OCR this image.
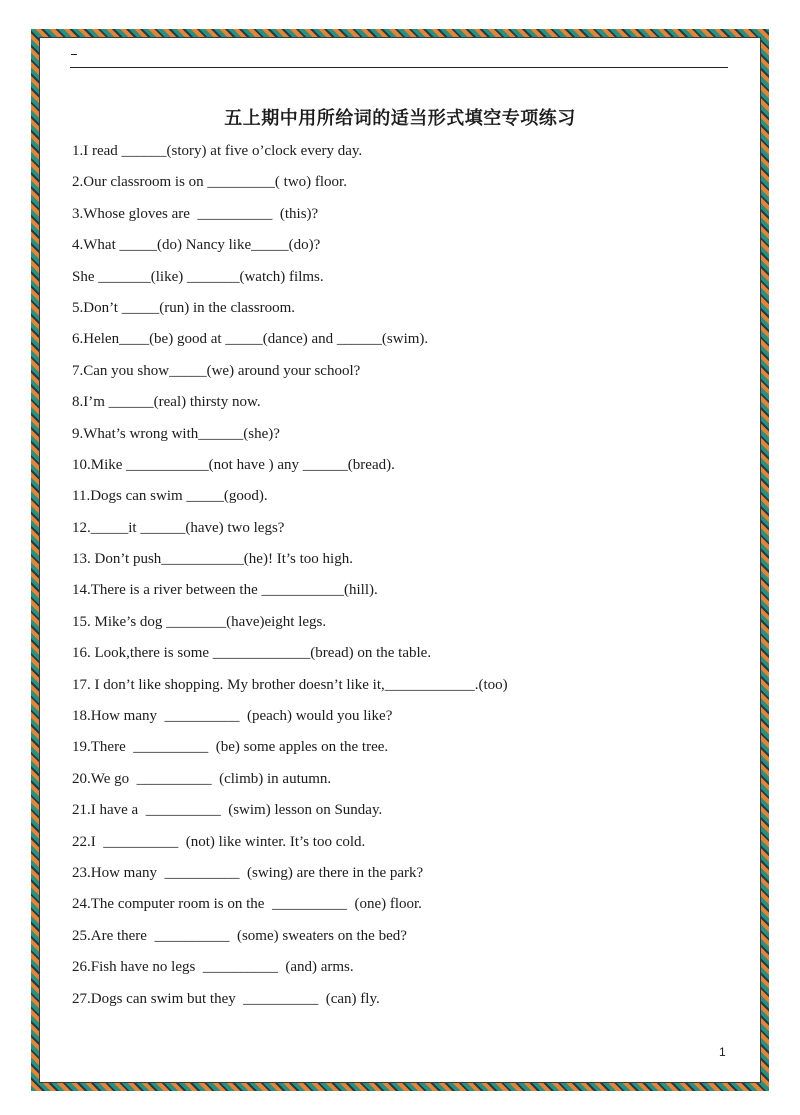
五上期中用所给词的适当形式填空专项练习
1.I read ______(story) at five o’clock every day.
2.Our classroom is on _________( two) floor.
3.Whose gloves are  __________  (this)?
4.What _____(do) Nancy like_____(do)?
She _______(like) _______(watch) films.
5.Don’t _____(run) in the classroom.
6.Helen____(be) good at _____(dance) and ______(swim).
7.Can you show_____(we) around your school?
8.I’m ______(real) thirsty now.
9.What’s wrong with______(she)?
10.Mike ___________(not have ) any ______(bread).
11.Dogs can swim _____(good).
12._____it ______(have) two legs?
13. Don’t push___________(he)! It’s too high.
14.There is a river between the ___________(hill).
15. Mike’s dog ________(have)eight legs.
16. Look,there is some _____________(bread) on the table.
17. I don’t like shopping. My brother doesn’t like it,____________.(too)
18.How many  __________  (peach) would you like?
19.There  __________  (be) some apples on the tree.
20.We go  __________  (climb) in autumn.
21.I have a  __________  (swim) lesson on Sunday.
22.I  __________  (not) like winter. It’s too cold.
23.How many  __________  (swing) are there in the park?
24.The computer room is on the  __________  (one) floor.
25.Are there  __________  (some) sweaters on the bed?
26.Fish have no legs  __________  (and) arms.
27.Dogs can swim but they  __________  (can) fly.
1
